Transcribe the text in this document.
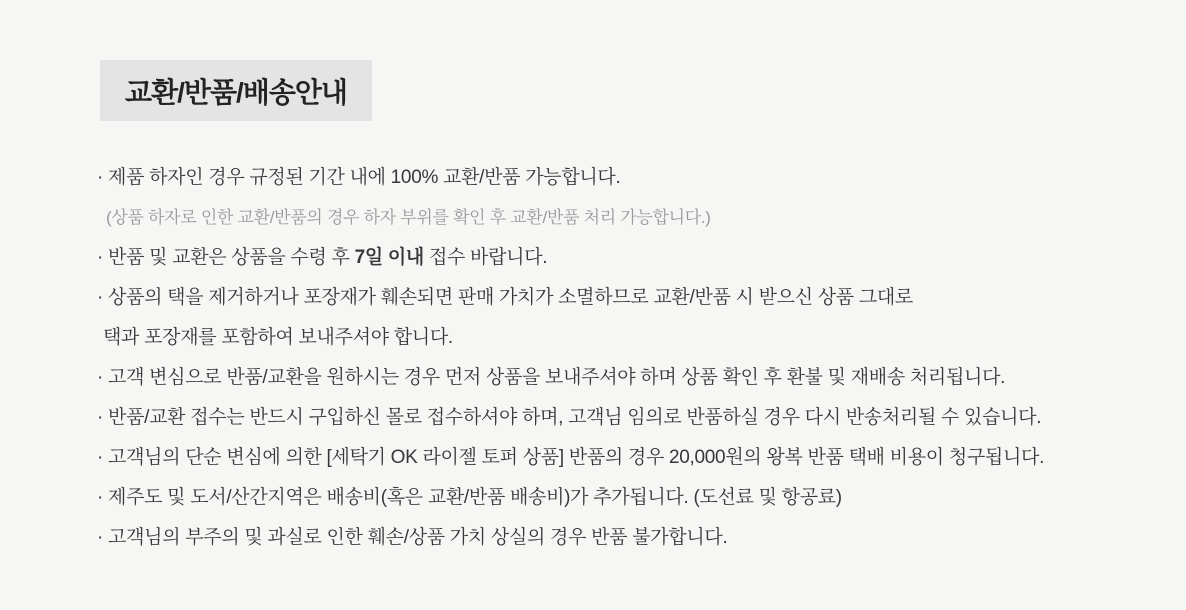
교환/반품/배송안내
· 제품 하자인 경우 규정된 기간 내에 100% 교환/반품 가능합니다.
(상품 하자로 인한 교환/반품의 경우 하자 부위를 확인 후 교환/반품 처리 가능합니다.)
· 반품 및 교환은 상품을 수령 후 7일 이내 접수 바랍니다.
· 상품의 택을 제거하거나 포장재가 훼손되면 판매 가치가 소멸하므로 교환/반품 시 받으신 상품 그대로
택과 포장재를 포함하여 보내주셔야 합니다.
· 고객 변심으로 반품/교환을 원하시는 경우 먼저 상품을 보내주셔야 하며 상품 확인 후 환불 및 재배송 처리됩니다.
· 반품/교환 접수는 반드시 구입하신 몰로 접수하셔야 하며, 고객님 임의로 반품하실 경우 다시 반송처리될 수 있습니다.
· 고객님의 단순 변심에 의한 [세탁기 OK 라이젤 토퍼 상품] 반품의 경우 20,000원의 왕복 반품 택배 비용이 청구됩니다.
· 제주도 및 도서/산간지역은 배송비(혹은 교환/반품 배송비)가 추가됩니다. (도선료 및 항공료)
· 고객님의 부주의 및 과실로 인한 훼손/상품 가치 상실의 경우 반품 불가합니다.
